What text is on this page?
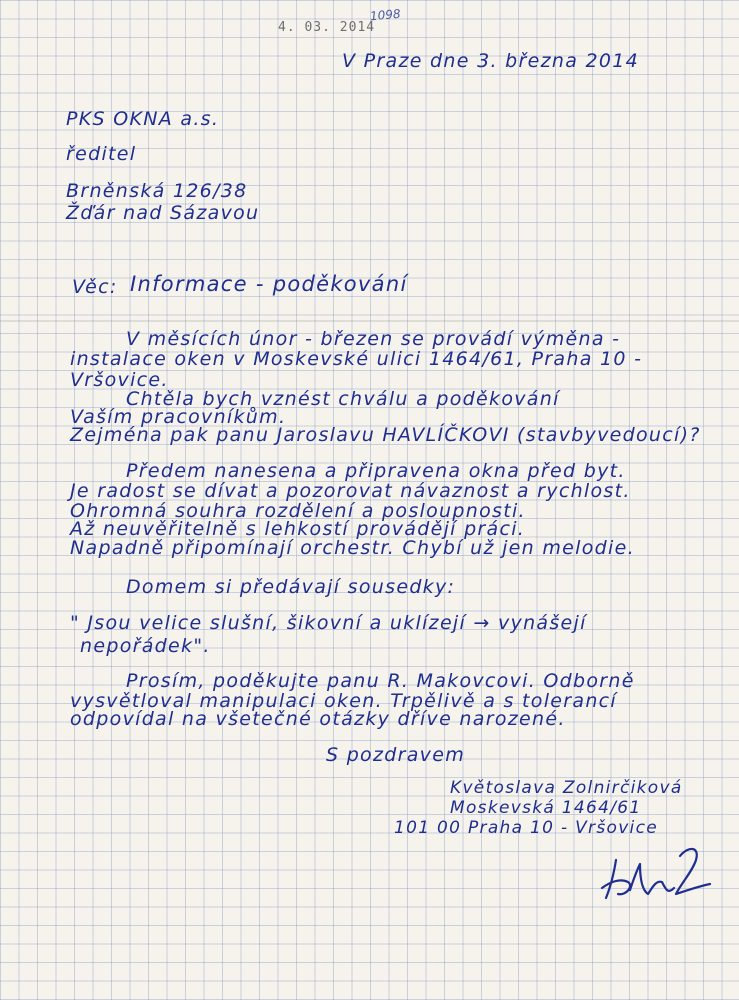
4. 03. 2014
1098
V Praze dne 3. března 2014
PKS OKNA a.s.
ředitel
Brněnská 126/38
Žďár nad Sázavou
Věc: Informace - poděkování
V měsících únor - březen se provádí výměna -
instalace oken v Moskevské ulici 1464/61, Praha 10 -
Vršovice.
Chtěla bych vznést chválu a poděkování
Vaším pracovníkům.
Zejména pak panu Jaroslavu HAVLÍČKOVI (stavbyvedoucí)?
Předem nanesena a připravena okna před byt.
Je radost se dívat a pozorovat návaznost a rychlost.
Ohromná souhra rozdělení a posloupnosti.
Až neuvěřitelně s lehkostí provádějí práci.
Napadně připomínají orchestr. Chybí už jen melodie.
Domem si předávají sousedky:
" Jsou velice slušní, šikovní a uklízejí → vynášejí
nepořádek".
Prosím, poděkujte panu R. Makovcovi. Odborně
vysvětloval manipulaci oken. Trpělivě a s tolerancí
odpovídal na všetečné otázky dříve narozené.
S pozdravem
Květoslava Zolnirčiková
Moskevská 1464/61
101 00 Praha 10 - Vršovice
